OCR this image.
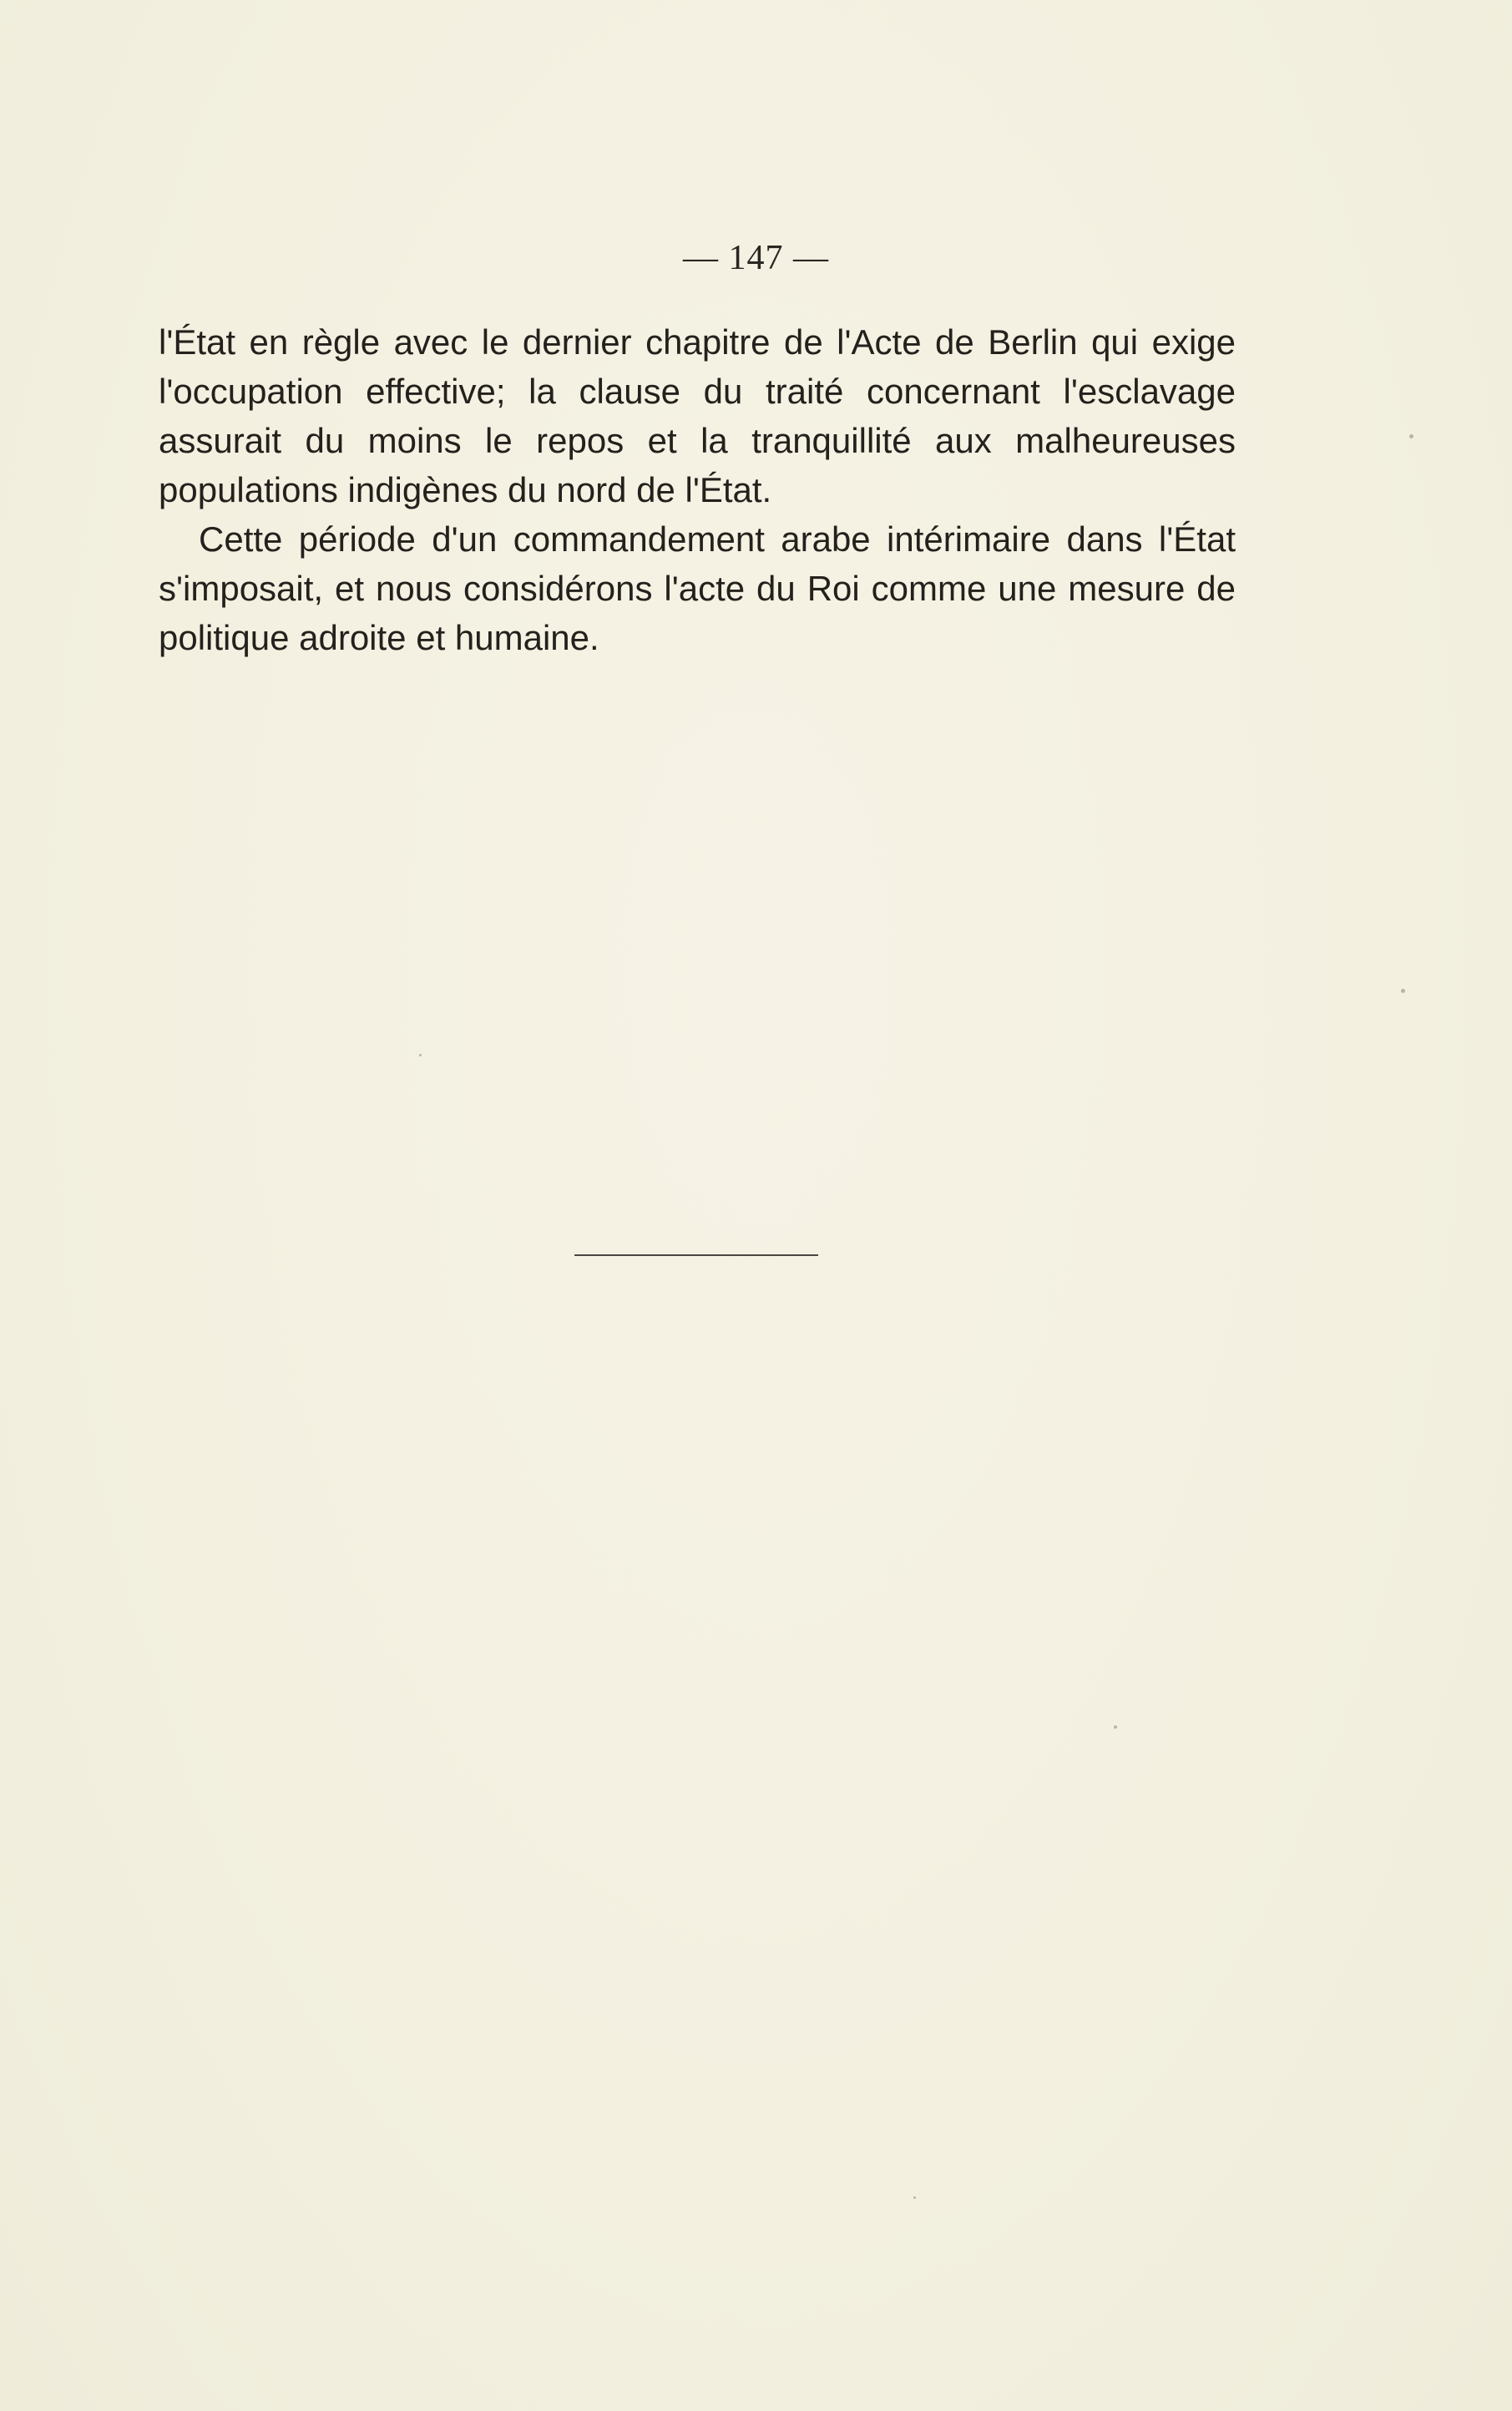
— 147 —

l'État en règle avec le dernier chapitre de l'Acte de Berlin qui exige l'occupation effective; la clause du traité concernant l'esclavage assurait du moins le repos et la tranquillité aux malheureuses populations indigènes du nord de l'État.

Cette période d'un commandement arabe intérimaire dans l'État s'imposait, et nous considérons l'acte du Roi comme une mesure de politique adroite et humaine.
